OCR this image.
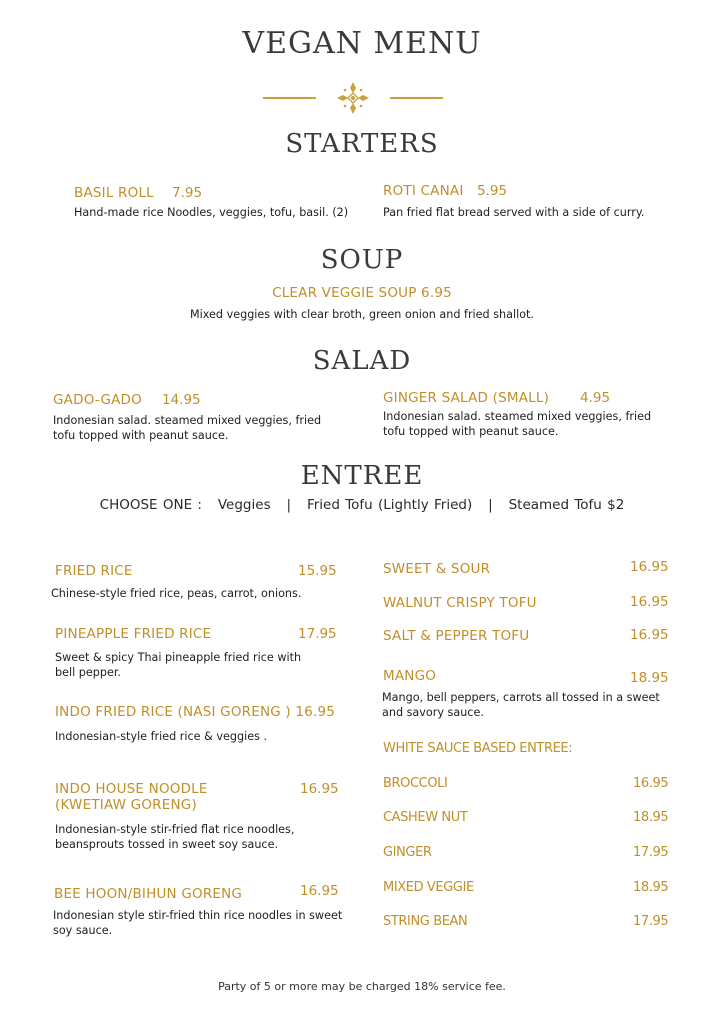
VEGAN MENU
STARTERS
BASIL ROLL 7.95
Hand-made rice Noodles, veggies, tofu, basil. (2)
ROTI CANAI 5.95
Pan fried flat bread served with a side of curry.
SOUP
CLEAR VEGGIE SOUP 6.95
Mixed veggies with clear broth, green onion and fried shallot.
SALAD
GADO-GADO 14.95
Indonesian salad. steamed mixed veggies, fried tofu topped with peanut sauce.
GINGER SALAD (SMALL) 4.95
Indonesian salad. steamed mixed veggies, fried tofu topped with peanut sauce.
ENTREE
CHOOSE ONE : Veggies | Fried Tofu (Lightly Fried) | Steamed Tofu $2
FRIED RICE	15.95
Chinese-style fried rice, peas, carrot, onions.
PINEAPPLE FRIED RICE	17.95
Sweet & spicy Thai pineapple fried rice with bell pepper.
INDO FRIED RICE (NASI GORENG ) 16.95
Indonesian-style fried rice & veggies .
INDO HOUSE NOODLE
(KWETIAW GORENG)
16.95
Indonesian-style stir-fried flat rice noodles, beansprouts tossed in sweet soy sauce.
BEE HOON/BIHUN GORENG	16.95
Indonesian style stir-fried thin rice noodles in sweet soy sauce.
SWEET & SOUR	16.95
WALNUT CRISPY TOFU	16.95
SALT & PEPPER TOFU	16.95
MANGO	18.95
Mango, bell peppers, carrots all tossed in a sweet and savory sauce.
WHITE SAUCE BASED ENTREE:
BROCCOLI	16.95
CASHEW NUT	18.95
GINGER	17.95
MIXED VEGGIE	18.95
STRING BEAN	17.95
Party of 5 or more may be charged 18% service fee.
